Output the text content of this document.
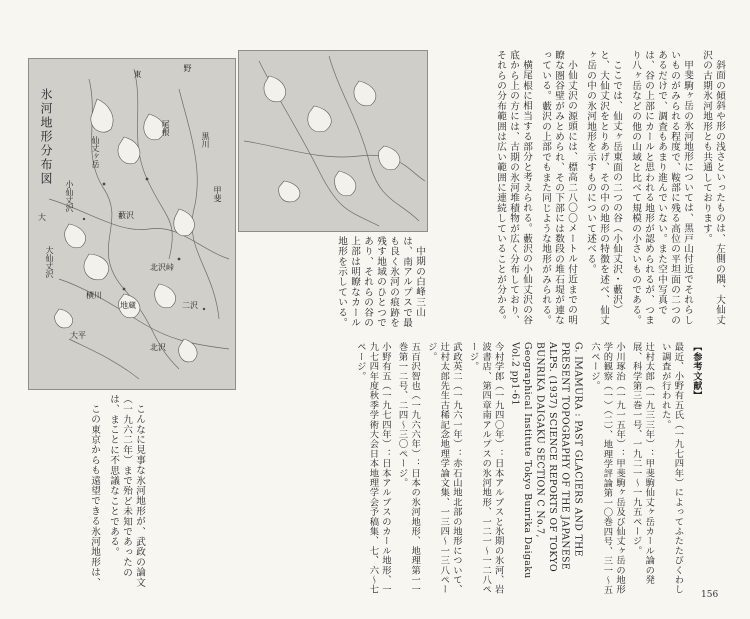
氷河地形分布図
東
野
尾根
仙丈ヶ岳
小仙丈沢
藪沢
大仙丈沢
二沢
地蔵
北沢
甲斐
大
黒川
北沢峠
横川
大平

斜面の傾斜や形の浅さといったものは、左側の隅、大仙丈沢の古期氷河地形とも共通しております。

甲斐駒ヶ岳の氷河地形については、黒戸山付近でそれらしいものがみられる程度で、鞍部に残る高位の平坦面の二つのあるだけで、調査もあまり進んでいない。また空中写真では、谷の上部にカールと思われる地形が認められるが、つまり八ヶ岳などの他の山域と比べて規模の小さいものである。

ここでは、仙丈ヶ岳東面の二つの谷（小仙丈沢・藪沢）と、大仙丈沢をとりあげ、その中の地形の特徴を述べ、仙丈ヶ岳の中の氷河地形を示すものについて述べる。

小仙丈沢の源頭には、標高二八〇〇メートル付近までの明瞭な圏谷壁がみとめられ、その下部には数段の堆石堤が連なっている。藪沢の上部でもまた同じような地形がみられる。

横尾根に相当する部分と考えられる。藪沢の小仙丈沢の谷底から上の方には、古期の氷河堆積物が広く分布しており、それらの分布範囲は広い範囲に連続していることが分かる。

中期の白峰三山は、南アルプスで最も良く氷河の痕跡を残す地域のひとつであり、それらの谷の上部は明瞭なカール地形を示している。

こんなに見事な氷河地形が、武政の論文（一九六二年）まで殆ど未知であったのは、まことに不思議なことである。

この東京からも遠望できる氷河地形は、

【参考文献】
最近、小野有五氏（一九七四年）によってふたたびくわしい調査が行われた。
辻村太郎（一九三三年）：甲斐駒仙丈ヶ岳カール論の発展、科学第三巻一号、一九二一〜一九五ページ。
小川琢治（一九一五年）：甲斐駒ヶ岳及び仙丈ヶ岳の地形学的観察（一）（二）、地理学評論第一〇巻四号、三一〜五六ページ。
G. IMAMURA : PAST GLACIERS AND THE PRESENT TOPOGRAPHY OF THE JAPANESE ALPS. (1937) SCIENCE REPORTS OF TOKYO BUNRIKA DAIGAKU SECTION C No.7, Geographical Institute Tokyo Bunrika Daigaku Vol.2 pp1-61
今村学郎（一九四〇年）：日本アルプスと氷期の氷河、岩波書店、第四章南アルプスの氷河地形、一二一〜一二八ページ。
武政英二（一九六一年）：赤石山地北部の地形について、辻村太郎先生古稀記念地理学論文集、一三四〜一三八ページ。
五百沢智也（一九六六年）：日本の氷河地形、地理第一一巻第一二号、二四〜三〇ページ。
小野有五（一九七四年）：日本アルプスのカール地形、一九七四年度秋季学術大会日本地理学会予稿集、七、六〜七ページ。
156
